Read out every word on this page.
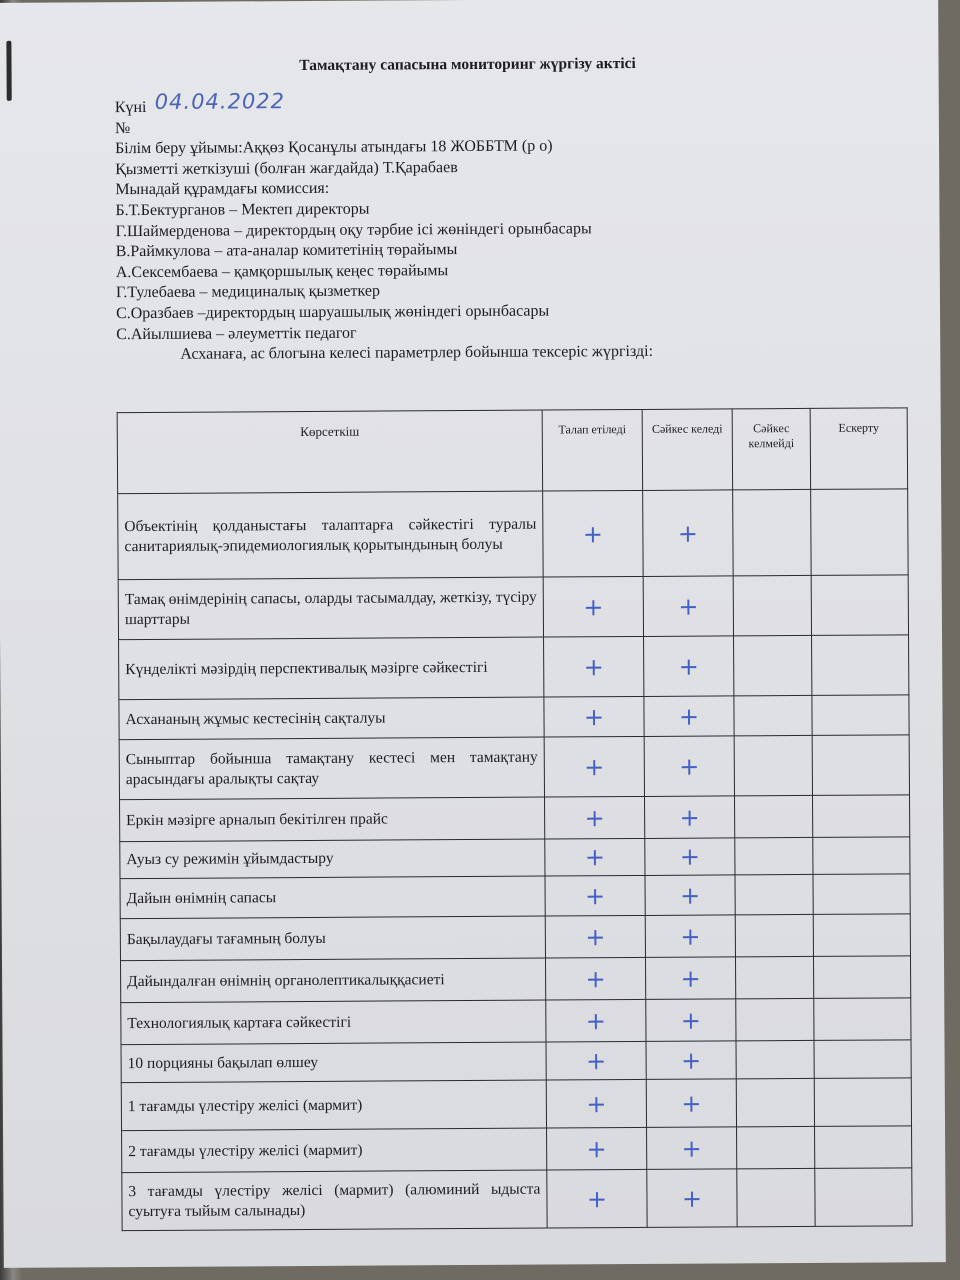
Тамақтану сапасына мониторинг жүргізу актісі
Күні 04.04.2022
№
Білім беру ұйымы:Аққөз Қосанұлы атындағы 18 ЖОББТМ (р о)
Қызметті жеткізуші (болған жағдайда) Т.Қарабаев
Мынадай құрамдағы комиссия:
Б.Т.Бектурганов – Мектеп директоры
Г.Шаймерденова – директордың оқу тәрбие ісі жөніндегі орынбасары
В.Раймкулова – ата-аналар комитетінің төрайымы
А.Сексембаева – қамқоршылық кеңес төрайымы
Г.Тулебаева – медициналық қызметкер
С.Оразбаев –директордың шаруашылық жөніндегі орынбасары
С.Айылшиева – әлеуметтік педагог
Асханаға, ас блогына келесі параметрлер бойынша тексеріс жүргізді:
Көрсеткіш	Талап етіледі	Сәйкес келеді	Сәйкес келмейді	Ескерту
Объектінің қолданыстағы талаптарға сәйкестігі туралы санитариялық-эпидемиологиялық қорытындының болуы	+	+		
Тамақ өнімдерінің сапасы, оларды тасымалдау, жеткізу, түсіру шарттары	+	+		
Күнделікті мәзірдің перспективалық мәзірге сәйкестігі	+	+		
Асхананың жұмыс кестесінің сақталуы	+	+		
Сыныптар бойынша тамақтану кестесі мен тамақтану арасындағы аралықты сақтау	+	+		
Еркін мәзірге арналып бекітілген прайс	+	+		
Ауыз су режимін ұйымдастыру	+	+		
Дайын өнімнің сапасы	+	+		
Бақылаудағы тағамның болуы	+	+		
Дайындалған өнімнің органолептикалыққасиеті	+	+		
Технологиялық картаға сәйкестігі	+	+		
10 порцияны бақылап өлшеу	+	+		
1 тағамды үлестіру желісі (мармит)	+	+		
2 тағамды үлестіру желісі (мармит)	+	+		
3 тағамды үлестіру желісі (мармит) (алюминий ыдыста суытуға тыйым салынады)	+	+		
